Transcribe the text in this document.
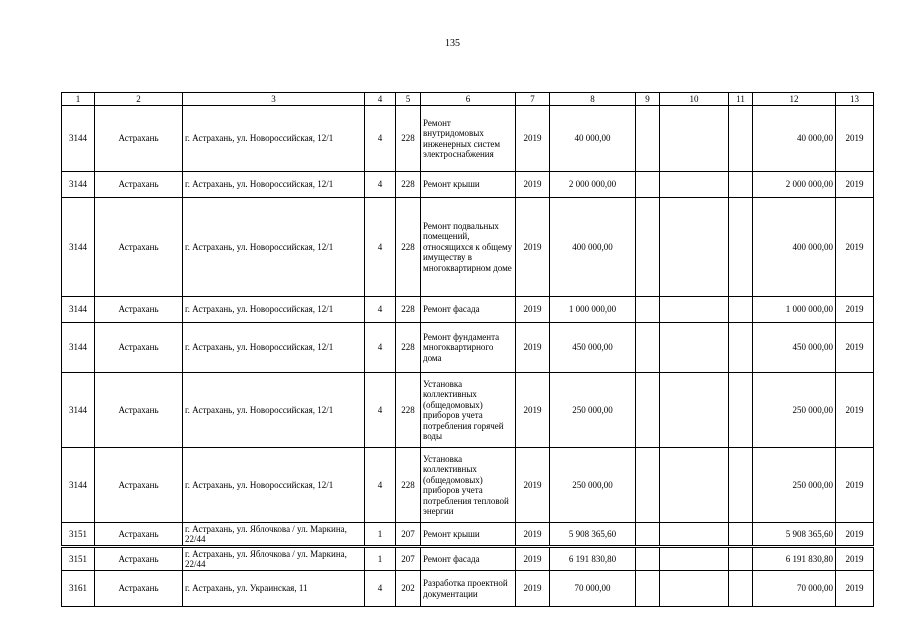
135
1	2	3	4	5	6	7	8	9	10	11	12	13
3144	Астрахань	г. Астрахань, ул. Новороссийская, 12/1	4	228	Ремонт внутридомовых инженерных систем электроснабжения	2019	40 000,00				40 000,00	2019
3144	Астрахань	г. Астрахань, ул. Новороссийская, 12/1	4	228	Ремонт крыши	2019	2 000 000,00				2 000 000,00	2019
3144	Астрахань	г. Астрахань, ул. Новороссийская, 12/1	4	228	Ремонт подвальных помещений, относящихся к общему имуществу в многоквартирном доме	2019	400 000,00				400 000,00	2019
3144	Астрахань	г. Астрахань, ул. Новороссийская, 12/1	4	228	Ремонт фасада	2019	1 000 000,00				1 000 000,00	2019
3144	Астрахань	г. Астрахань, ул. Новороссийская, 12/1	4	228	Ремонт фундамента многоквартирного дома	2019	450 000,00				450 000,00	2019
3144	Астрахань	г. Астрахань, ул. Новороссийская, 12/1	4	228	Установка коллективных (общедомовых) приборов учета потребления горячей воды	2019	250 000,00				250 000,00	2019
3144	Астрахань	г. Астрахань, ул. Новороссийская, 12/1	4	228	Установка коллективных (общедомовых) приборов учета потребления тепловой энергии	2019	250 000,00				250 000,00	2019
3151	Астрахань	г. Астрахань, ул. Яблочкова / ул. Маркина, 22/44	1	207	Ремонт крыши	2019	5 908 365,60				5 908 365,60	2019
3151	Астрахань	г. Астрахань, ул. Яблочкова / ул. Маркина, 22/44	1	207	Ремонт фасада	2019	6 191 830,80				6 191 830,80	2019
3161	Астрахань	г. Астрахань, ул. Украинская, 11	4	202	Разработка проектной документации	2019	70 000,00				70 000,00	2019
